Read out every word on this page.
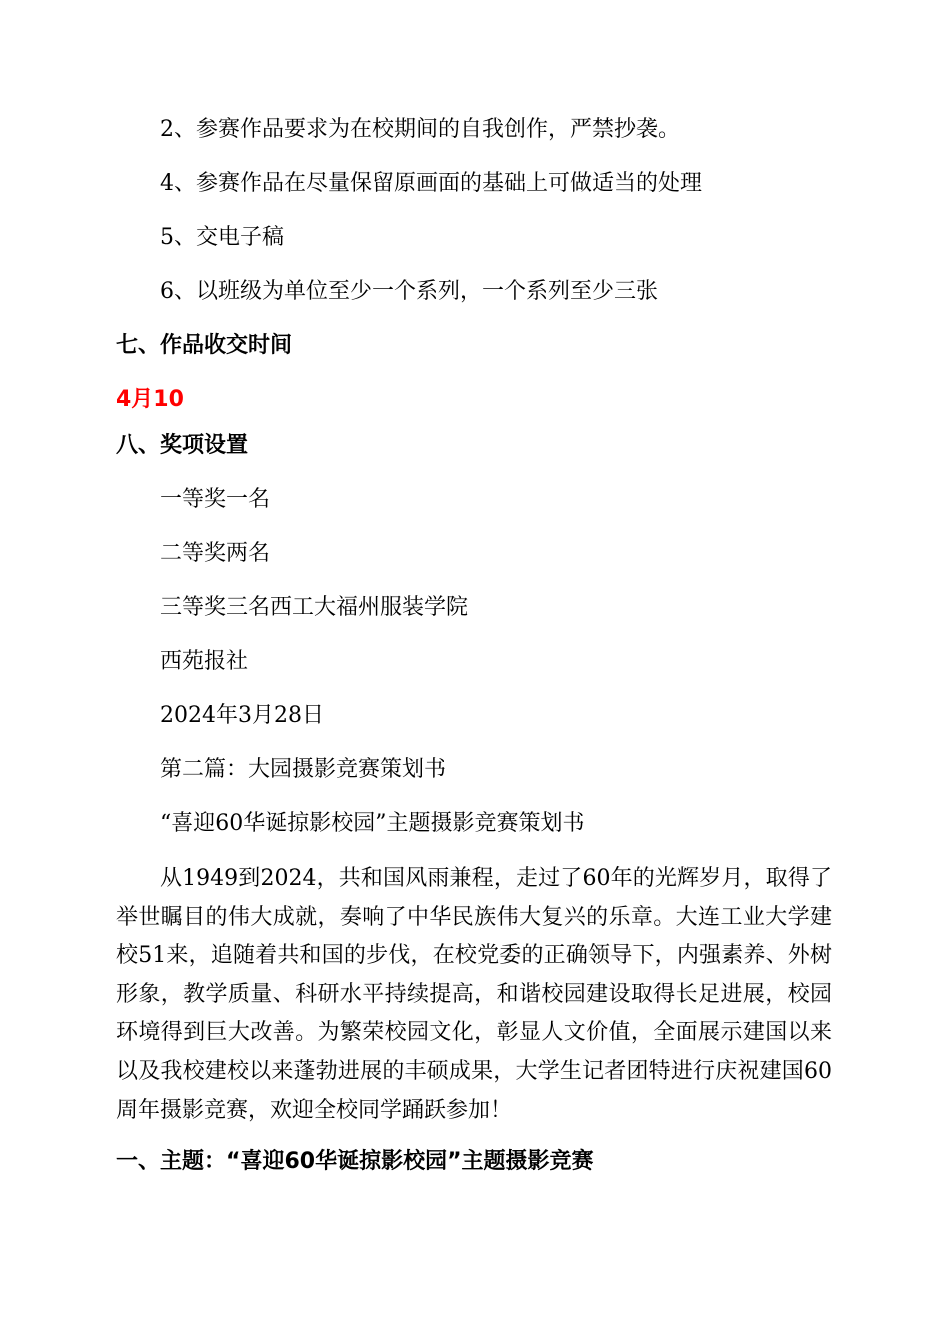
2、参赛作品要求为在校期间的自我创作，严禁抄袭。

4、参赛作品在尽量保留原画面的基础上可做适当的处理

5、交电子稿

6、以班级为单位至少一个系列，一个系列至少三张

七、作品收交时间

4月10

八、奖项设置

一等奖一名

二等奖两名

三等奖三名西工大福州服装学院

西苑报社

2024年3月28日

第二篇：大园摄影竞赛策划书

“喜迎60华诞掠影校园”主题摄影竞赛策划书

从1949到2024，共和国风雨兼程，走过了60年的光辉岁月，取得了举世瞩目的伟大成就，奏响了中华民族伟大复兴的乐章。大连工业大学建校51来，追随着共和国的步伐，在校党委的正确领导下，内强素养、外树形象，教学质量、科研水平持续提高，和谐校园建设取得长足进展，校园环境得到巨大改善。为繁荣校园文化，彰显人文价值，全面展示建国以来以及我校建校以来蓬勃进展的丰硕成果，大学生记者团特进行庆祝建国60周年摄影竞赛，欢迎全校同学踊跃参加！

一、主题：“喜迎60华诞掠影校园”主题摄影竞赛
